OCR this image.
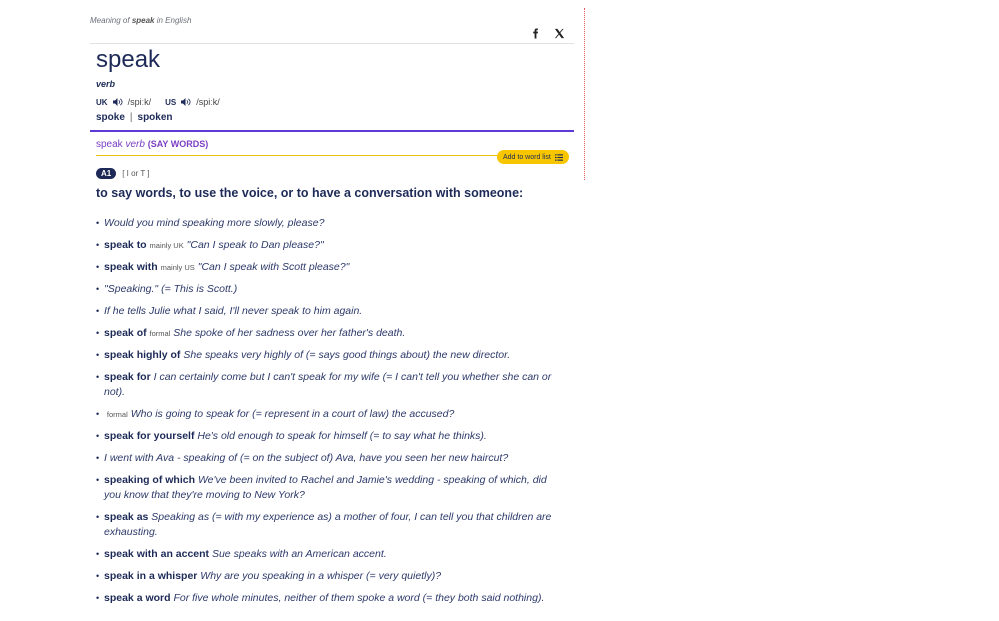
Meaning of speak in English
speak
verb
UK /spiːk/ US /spiːk/
spoke | spoken
speak verb (SAY WORDS)
Add to word list
A1	[ I or T ]
to say words, to use the voice, or to have a conversation with someone:
• Would you mind speaking more slowly, please?
• speak to mainly UK "Can I speak to Dan please?"
• speak with mainly US "Can I speak with Scott please?"
• "Speaking." (= This is Scott.)
• If he tells Julie what I said, I'll never speak to him again.
• speak of formal She spoke of her sadness over her father's death.
• speak highly of She speaks very highly of (= says good things about) the new director.
• speak for I can certainly come but I can't speak for my wife (= I can't tell you whether she can or not).
• formal Who is going to speak for (= represent in a court of law) the accused?
• speak for yourself He's old enough to speak for himself (= to say what he thinks).
• I went with Ava - speaking of (= on the subject of) Ava, have you seen her new haircut?
• speaking of which We've been invited to Rachel and Jamie's wedding - speaking of which, did you know that they're moving to New York?
• speak as Speaking as (= with my experience as) a mother of four, I can tell you that children are exhausting.
• speak with an accent Sue speaks with an American accent.
• speak in a whisper Why are you speaking in a whisper (= very quietly)?
• speak a word For five whole minutes, neither of them spoke a word (= they both said nothing).
